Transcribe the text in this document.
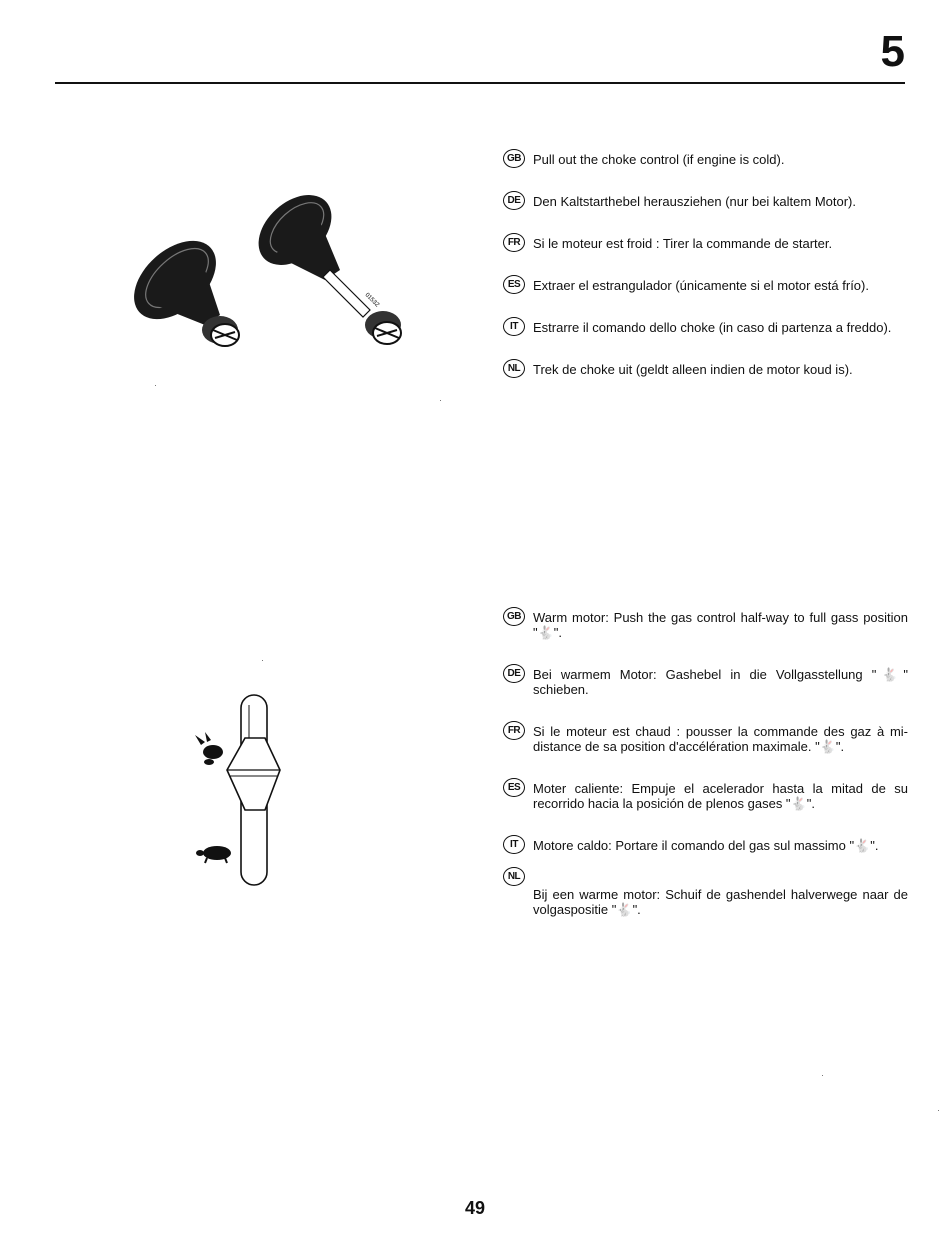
5
0153Z
GB Pull out the choke control (if engine is cold).
DE Den Kaltstarthebel herausziehen (nur bei kaltem Motor).
FR Si le moteur est froid : Tirer la commande de starter.
ES Extraer el estrangulador (únicamente si el motor está frío).
IT	Estrarre il comando dello choke (in caso di partenza a freddo).
NL Trek de choke uit (geldt alleen indien de motor koud is).
GB Warm motor: Push the gas control half-way to full gass position "🐇".
DE Bei warmem Motor: Gashebel in die Vollgasstellung "🐇" schieben.
FR Si le moteur est chaud : pousser la commande des gaz à mi-distance de sa position d'accélération maximale. "🐇".
ES Moter caliente: Empuje el acelerador hasta la mitad de su recorrido hacia la posición de plenos gases "🐇".
IT	Motore caldo: Portare il comando del gas sul massimo "🐇".
NL
Bij een warme motor: Schuif de gashendel halverwege naar de volgaspositie "🐇".
49
